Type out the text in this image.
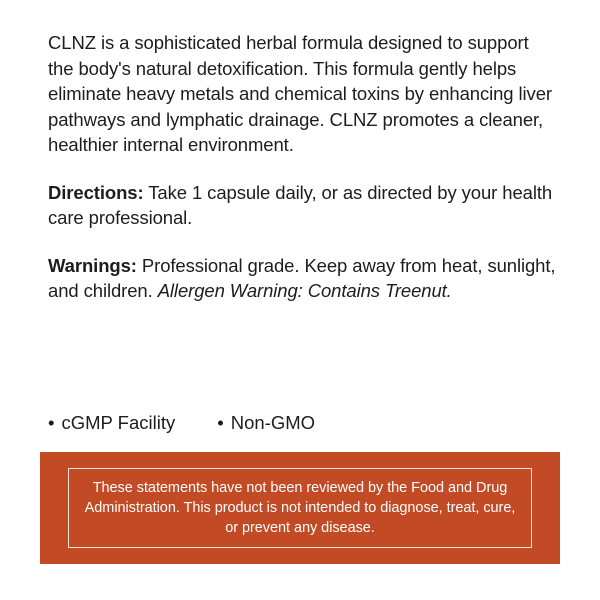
CLNZ is a sophisticated herbal formula designed to support the body's natural detoxification. This formula gently helps eliminate heavy metals and chemical toxins by enhancing liver pathways and lymphatic drainage. CLNZ promotes a cleaner, healthier internal environment.

Directions: Take 1 capsule daily, or as directed by your health care professional.

Warnings: Professional grade. Keep away from heat, sunlight, and children. Allergen Warning: Contains Treenut.

• cGMP Facility • Non-GMO
These statements have not been reviewed by the Food and Drug Administration. This product is not intended to diagnose, treat, cure, or prevent any disease.
